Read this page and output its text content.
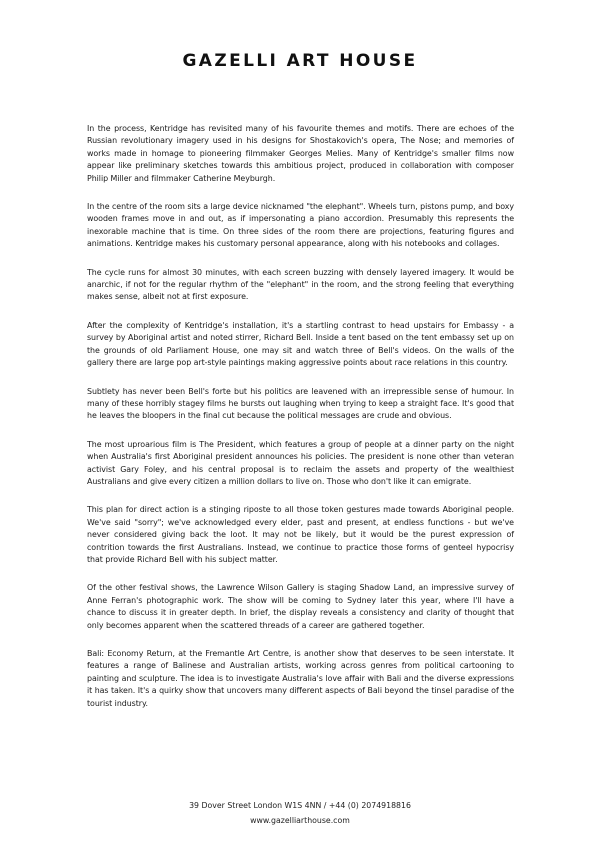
GAZELLI ART HOUSE

In the process, Kentridge has revisited many of his favourite themes and motifs. There are echoes of the Russian revolutionary imagery used in his designs for Shostakovich's opera, The Nose; and memories of works made in homage to pioneering filmmaker Georges Melies. Many of Kentridge's smaller films now appear like preliminary sketches towards this ambitious project, produced in collaboration with composer Philip Miller and filmmaker Catherine Meyburgh.

In the centre of the room sits a large device nicknamed "the elephant". Wheels turn, pistons pump, and boxy wooden frames move in and out, as if impersonating a piano accordion. Presumably this represents the inexorable machine that is time. On three sides of the room there are projections, featuring figures and animations. Kentridge makes his customary personal appearance, along with his notebooks and collages.

The cycle runs for almost 30 minutes, with each screen buzzing with densely layered imagery. It would be anarchic, if not for the regular rhythm of the "elephant" in the room, and the strong feeling that everything makes sense, albeit not at first exposure.

After the complexity of Kentridge's installation, it's a startling contrast to head upstairs for Embassy - a survey by Aboriginal artist and noted stirrer, Richard Bell. Inside a tent based on the tent embassy set up on the grounds of old Parliament House, one may sit and watch three of Bell's videos. On the walls of the gallery there are large pop art-style paintings making aggressive points about race relations in this country.

Subtlety has never been Bell's forte but his politics are leavened with an irrepressible sense of humour. In many of these horribly stagey films he bursts out laughing when trying to keep a straight face. It's good that he leaves the bloopers in the final cut because the political messages are crude and obvious.

The most uproarious film is The President, which features a group of people at a dinner party on the night when Australia's first Aboriginal president announces his policies. The president is none other than veteran activist Gary Foley, and his central proposal is to reclaim the assets and property of the wealthiest Australians and give every citizen a million dollars to live on. Those who don't like it can emigrate.

This plan for direct action is a stinging riposte to all those token gestures made towards Aboriginal people. We've said "sorry"; we've acknowledged every elder, past and present, at endless functions - but we've never considered giving back the loot. It may not be likely, but it would be the purest expression of contrition towards the first Australians. Instead, we continue to practice those forms of genteel hypocrisy that provide Richard Bell with his subject matter.

Of the other festival shows, the Lawrence Wilson Gallery is staging Shadow Land, an impressive survey of Anne Ferran's photographic work. The show will be coming to Sydney later this year, where I'll have a chance to discuss it in greater depth. In brief, the display reveals a consistency and clarity of thought that only becomes apparent when the scattered threads of a career are gathered together.

Bali: Economy Return, at the Fremantle Art Centre, is another show that deserves to be seen interstate. It features a range of Balinese and Australian artists, working across genres from political cartooning to painting and sculpture. The idea is to investigate Australia's love affair with Bali and the diverse expressions it has taken. It's a quirky show that uncovers many different aspects of Bali beyond the tinsel paradise of the tourist industry.

39 Dover Street London W1S 4NN / +44 (0) 2074918816
www.gazelliarthouse.com
